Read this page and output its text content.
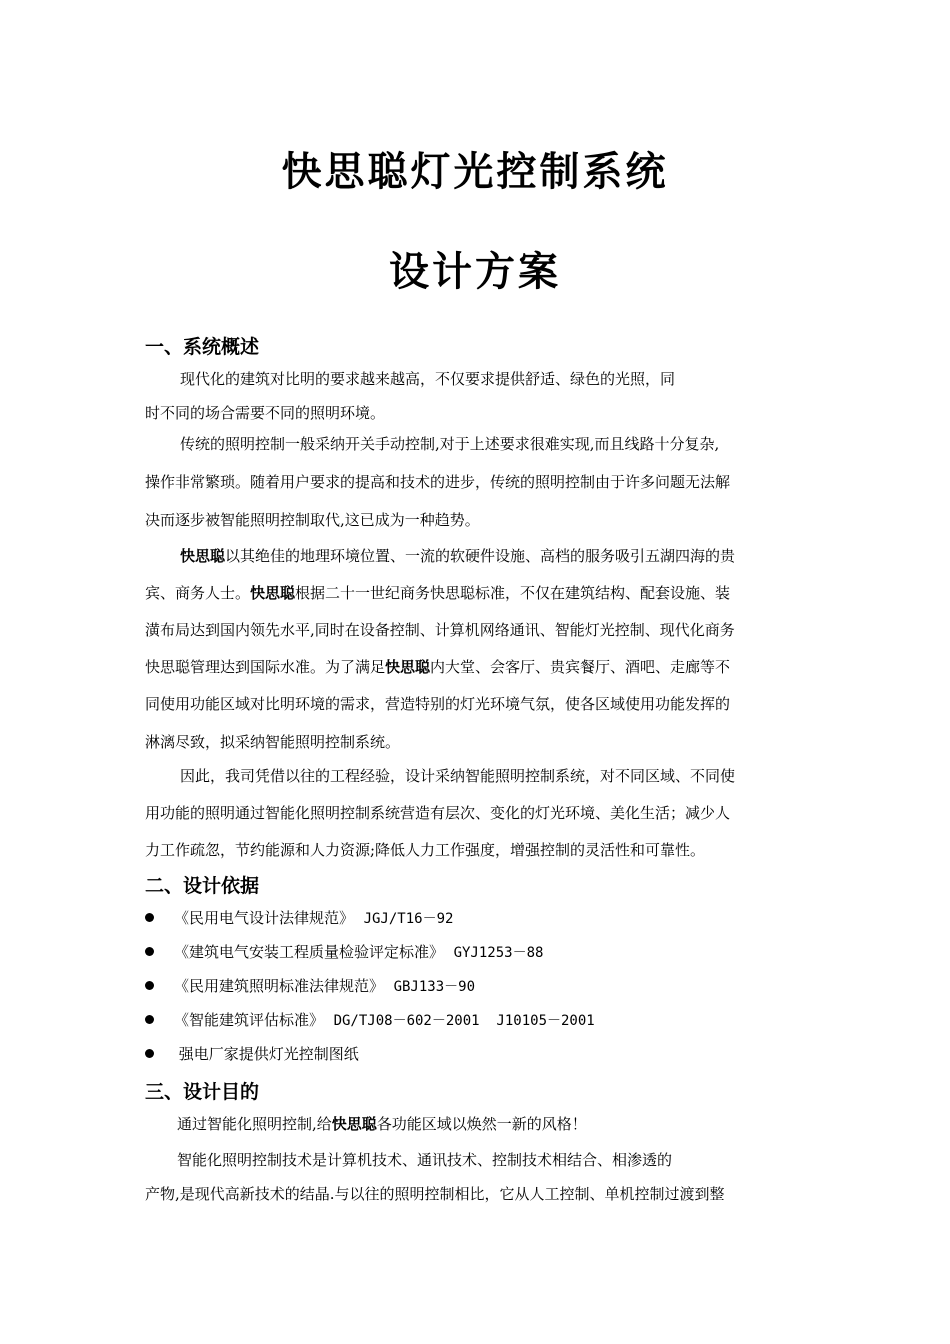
快思聪灯光控制系统
设计方案
一、系统概述

现代化的建筑对比明的要求越来越高，不仅要求提供舒适、绿色的光照，同

时不同的场合需要不同的照明环境。

传统的照明控制一般采纳开关手动控制,对于上述要求很难实现,而且线路十分复杂,

操作非常繁琐。随着用户要求的提高和技术的进步，传统的照明控制由于许多问题无法解

决而逐步被智能照明控制取代,这已成为一种趋势。

快思聪以其绝佳的地理环境位置、一流的软硬件设施、高档的服务吸引五湖四海的贵

宾、商务人士。快思聪根据二十一世纪商务快思聪标准，不仅在建筑结构、配套设施、装

潢布局达到国内领先水平,同时在设备控制、计算机网络通讯、智能灯光控制、现代化商务

快思聪管理达到国际水准。为了满足快思聪内大堂、会客厅、贵宾餐厅、酒吧、走廊等不

同使用功能区域对比明环境的需求，营造特别的灯光环境气氛，使各区域使用功能发挥的

淋漓尽致，拟采纳智能照明控制系统。

因此，我司凭借以往的工程经验，设计采纳智能照明控制系统，对不同区域、不同使

用功能的照明通过智能化照明控制系统营造有层次、变化的灯光环境、美化生活；减少人

力工作疏忽，节约能源和人力资源;降低人力工作强度，增强控制的灵活性和可靠性。

二、设计依据

《民用电气设计法律规范》 JGJ/T16－92

《建筑电气安装工程质量检验评定标准》 GYJ1253－88

《民用建筑照明标准法律规范》 GBJ133－90

《智能建筑评估标准》 DG/TJ08－602－2001  J10105－2001

强电厂家提供灯光控制图纸

三、设计目的

通过智能化照明控制,给快思聪各功能区域以焕然一新的风格！

智能化照明控制技术是计算机技术、通讯技术、控制技术相结合、相渗透的

产物,是现代高新技术的结晶.与以往的照明控制相比，它从人工控制、单机控制过渡到整
